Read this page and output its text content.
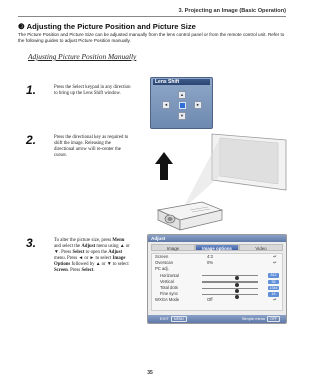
3. Projecting an Image (Basic Operation)
❸ Adjusting the Picture Position and Picture Size
The Picture Position and Picture Size can be adjusted manually from the lens control panel or from the remote control unit. Refer to the following guides to adjust Picture Position manually.
Adjusting Picture Position Manually
1.	Press the Select keypad in any direction to bring up the Lens Shift window.
Lens Shift
▲
▼
◄	►
2.	Press the directional key as required to shift the image. Releasing the directional arrow will re-center the cursor.
3.	To alter the picture size, press Menu and select the Adjust menu using ▲ or ▼. Press Select to open the Adjust menu. Press ◄ or ► to select Image Options followed by ▲ or ▼ to select Screen. Press Select.
Adjust
Image	Image options	Video
Screen	4:3	↵
Overscan	0%	↵
PC adj.
Horizontal	512
Vertical	35
Total dots	1344
Fine sync	16
WXGA Mode	Off	↵
EXIT MENU	Simple menu OFF
35
